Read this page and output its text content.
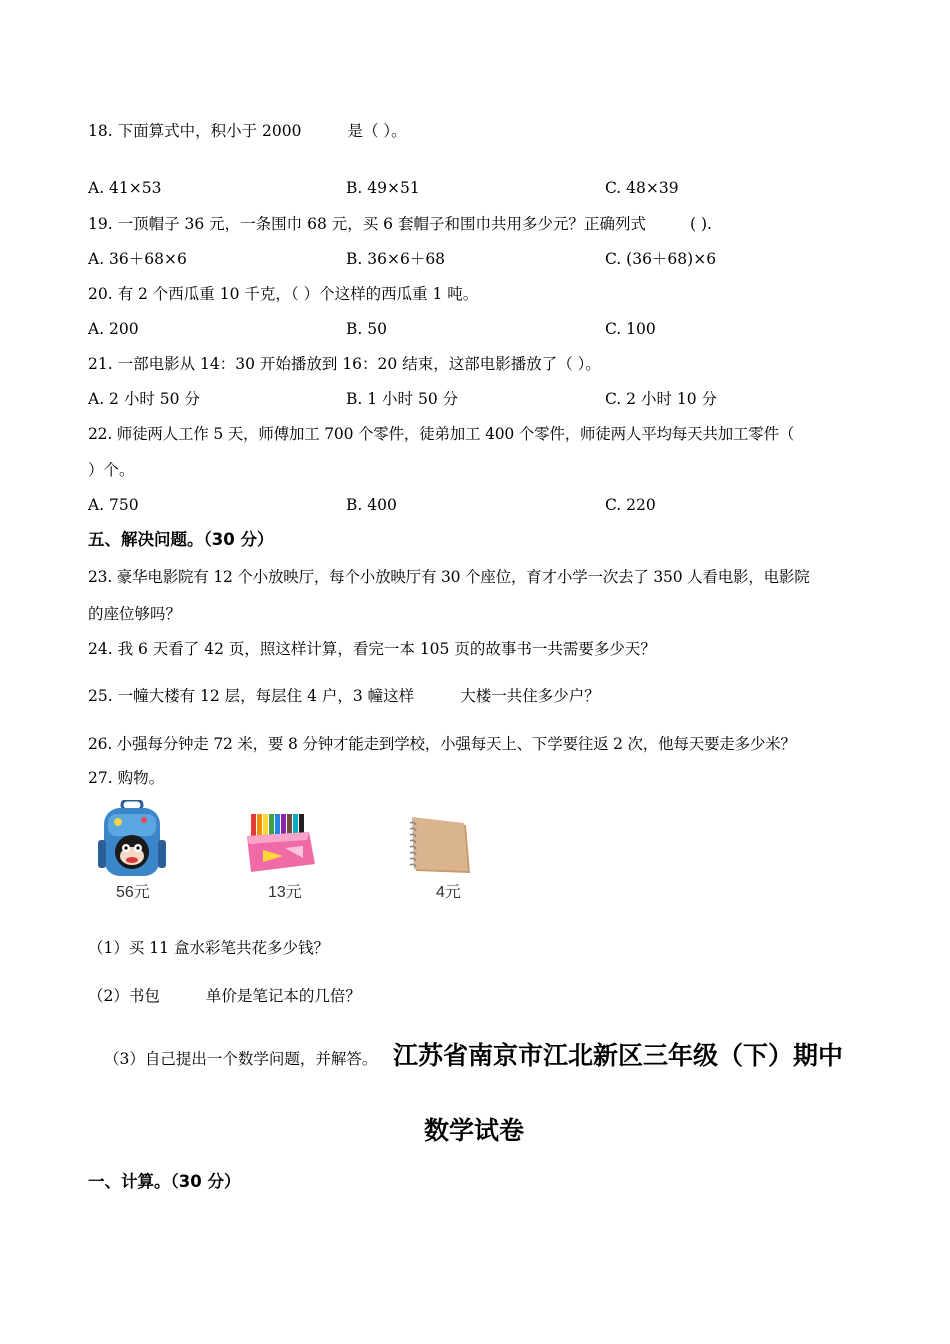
18. 下面算式中，积小于 2000	是（ ）。
A. 41×53	B. 49×51	C. 48×39
19. 一顶帽子 36 元，一条围巾 68 元，买 6 套帽子和围巾共用多少元？正确列式	( ).
A. 36＋68×6	B. 36×6＋68	C. (36＋68)×6
20. 有 2 个西瓜重 10 千克，（ ）个这样的西瓜重 1 吨。
A. 200	B. 50	C. 100
21. 一部电影从 14：30 开始播放到 16：20 结束，这部电影播放了（ ）。
A. 2 小时 50 分	B. 1 小时 50 分	C. 2 小时 10 分
22. 师徒两人工作 5 天，师傅加工 700 个零件，徒弟加工 400 个零件，师徒两人平均每天共加工零件（
）个。
A. 750	B. 400	C. 220
五、解决问题。（30 分）
23. 豪华电影院有 12 个小放映厅，每个小放映厅有 30 个座位，育才小学一次去了 350 人看电影，电影院
的座位够吗？
24. 我 6 天看了 42 页，照这样计算，看完一本 105 页的故事书一共需要多少天？
25. 一幢大楼有 12 层，每层住 4 户，3 幢这样	大楼一共住多少户？
26. 小强每分钟走 72 米，要 8 分钟才能走到学校，小强每天上、下学要往返 2 次，他每天要走多少米？
27. 购物。
56元	13元	4元
（1）买 11 盒水彩笔共花多少钱？
（2）书包	单价是笔记本的几倍？
（3）自己提出一个数学问题，并解答。 江苏省南京市江北新区三年级（下）期中
数学试卷
一、计算。（30 分）
